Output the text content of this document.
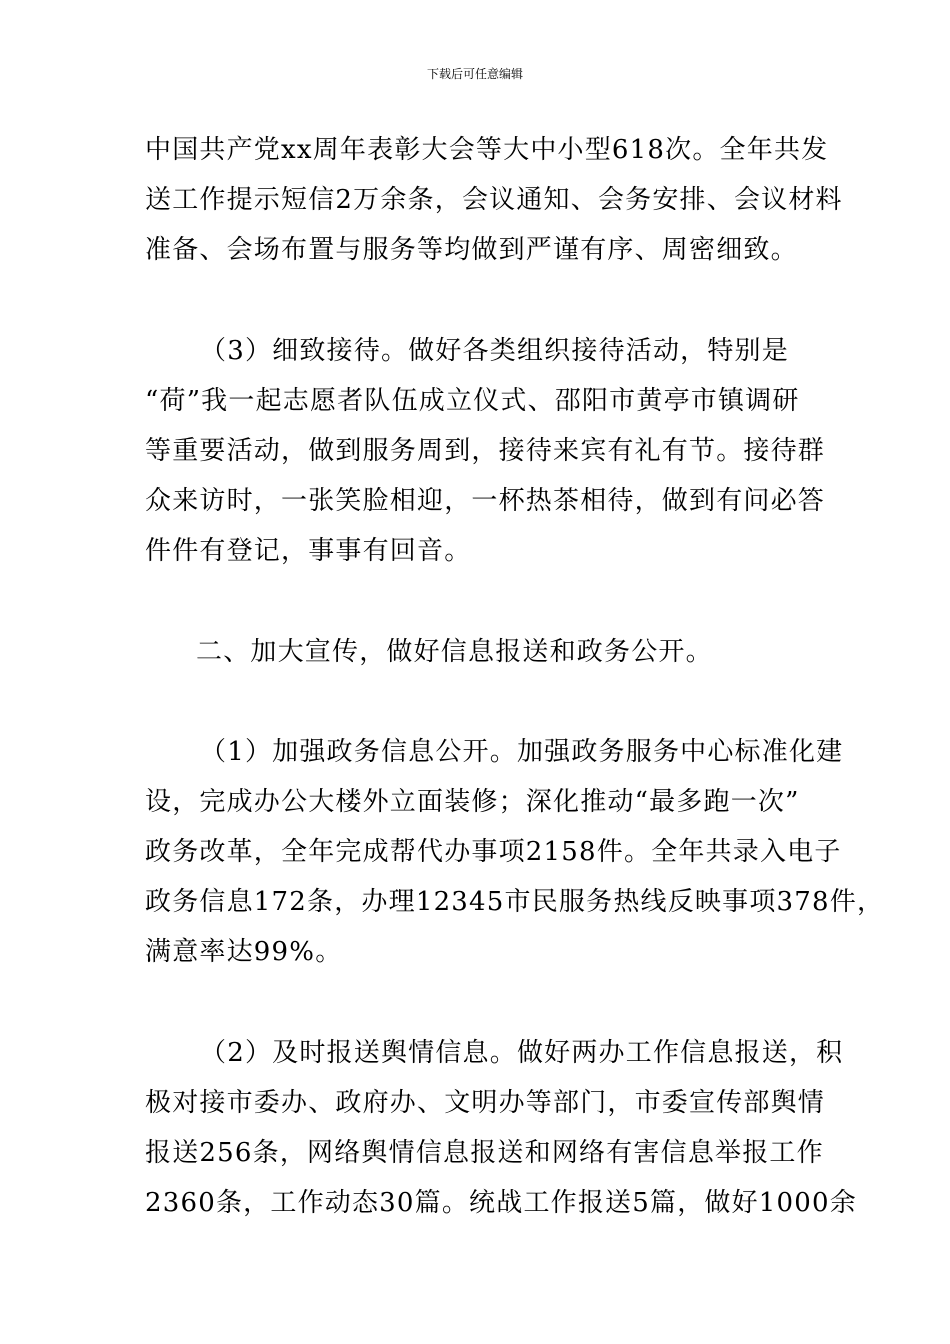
下载后可任意编辑
中国共产党xx周年表彰大会等大中小型618次。全年共发
送工作提示短信2万余条，会议通知、会务安排、会议材料
准备、会场布置与服务等均做到严谨有序、周密细致。
（3）细致接待。做好各类组织接待活动，特别是
“荷”我一起志愿者队伍成立仪式、邵阳市黄亭市镇调研
等重要活动，做到服务周到，接待来宾有礼有节。接待群
众来访时，一张笑脸相迎，一杯热茶相待，做到有问必答
件件有登记，事事有回音。
二、加大宣传，做好信息报送和政务公开。
（1）加强政务信息公开。加强政务服务中心标准化建
设，完成办公大楼外立面装修；深化推动“最多跑一次”
政务改革，全年完成帮代办事项2158件。全年共录入电子
政务信息172条，办理12345市民服务热线反映事项378件，
满意率达99%。
（2）及时报送舆情信息。做好两办工作信息报送，积
极对接市委办、政府办、文明办等部门，市委宣传部舆情
报送256条，网络舆情信息报送和网络有害信息举报工作
2360条，工作动态30篇。统战工作报送5篇，做好1000余
